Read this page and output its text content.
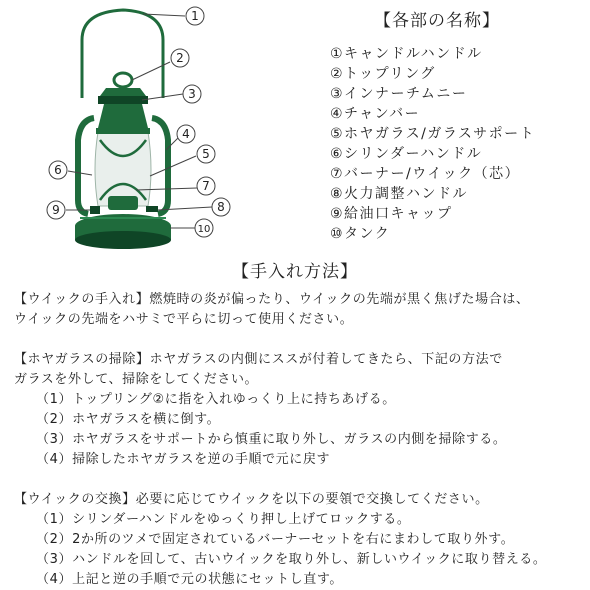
1
2
3
4
5
6
7
8
9
10
【各部の名称】
①キャンドルハンドル
②トップリング
③インナーチムニー
④チャンバー
⑤ホヤガラス/ガラスサポート
⑥シリンダーハンドル
⑦バーナー/ウイック（芯）
⑧火力調整ハンドル
⑨給油口キャップ
⑩タンク
【手入れ方法】

【ウイックの手入れ】燃焼時の炎が偏ったり、ウイックの先端が黒く焦げた場合は、

ウイックの先端をハサミで平らに切って使用ください。

【ホヤガラスの掃除】ホヤガラスの内側にススが付着してきたら、下記の方法で

ガラスを外して、掃除をしてください。

（1）トップリング②に指を入れゆっくり上に持ちあげる。
（2）ホヤガラスを横に倒す。
（3）ホヤガラスをサポートから慎重に取り外し、ガラスの内側を掃除する。
（4）掃除したホヤガラスを逆の手順で元に戻す

【ウイックの交換】必要に応じてウイックを以下の要領で交換してください。

（1）シリンダーハンドルをゆっくり押し上げてロックする。
（2）2か所のツメで固定されているバーナーセットを右にまわして取り外す。
（3）ハンドルを回して、古いウイックを取り外し、新しいウイックに取り替える。
（4）上記と逆の手順で元の状態にセットし直す。
